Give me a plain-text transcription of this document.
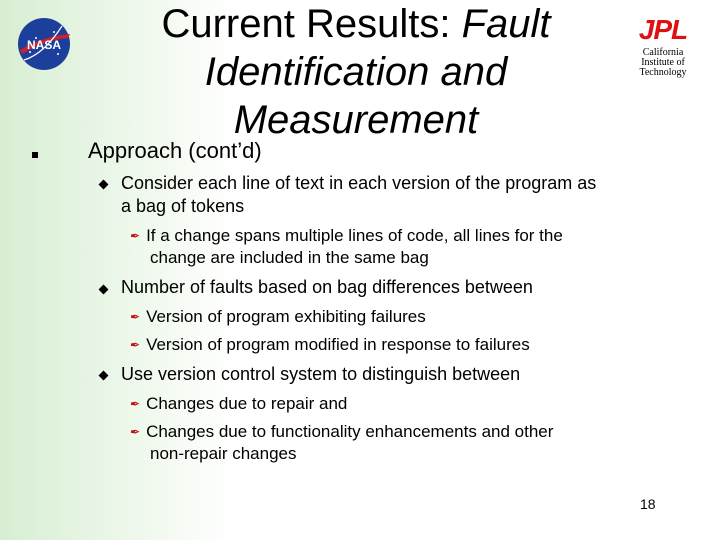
NASA	Current Results: Fault
Identification and
Measurement
JPL
California
Institute of
Technology
Approach (cont’d)
Consider each line of text in each version of the program as
a bag of tokens
✒ If a change spans multiple lines of code, all lines for the
change are included in the same bag
Number of faults based on bag differences between
✒ Version of program exhibiting failures
✒ Version of program modified in response to failures
Use version control system to distinguish between
✒ Changes due to repair and
✒ Changes due to functionality enhancements and other
non-repair changes
18
